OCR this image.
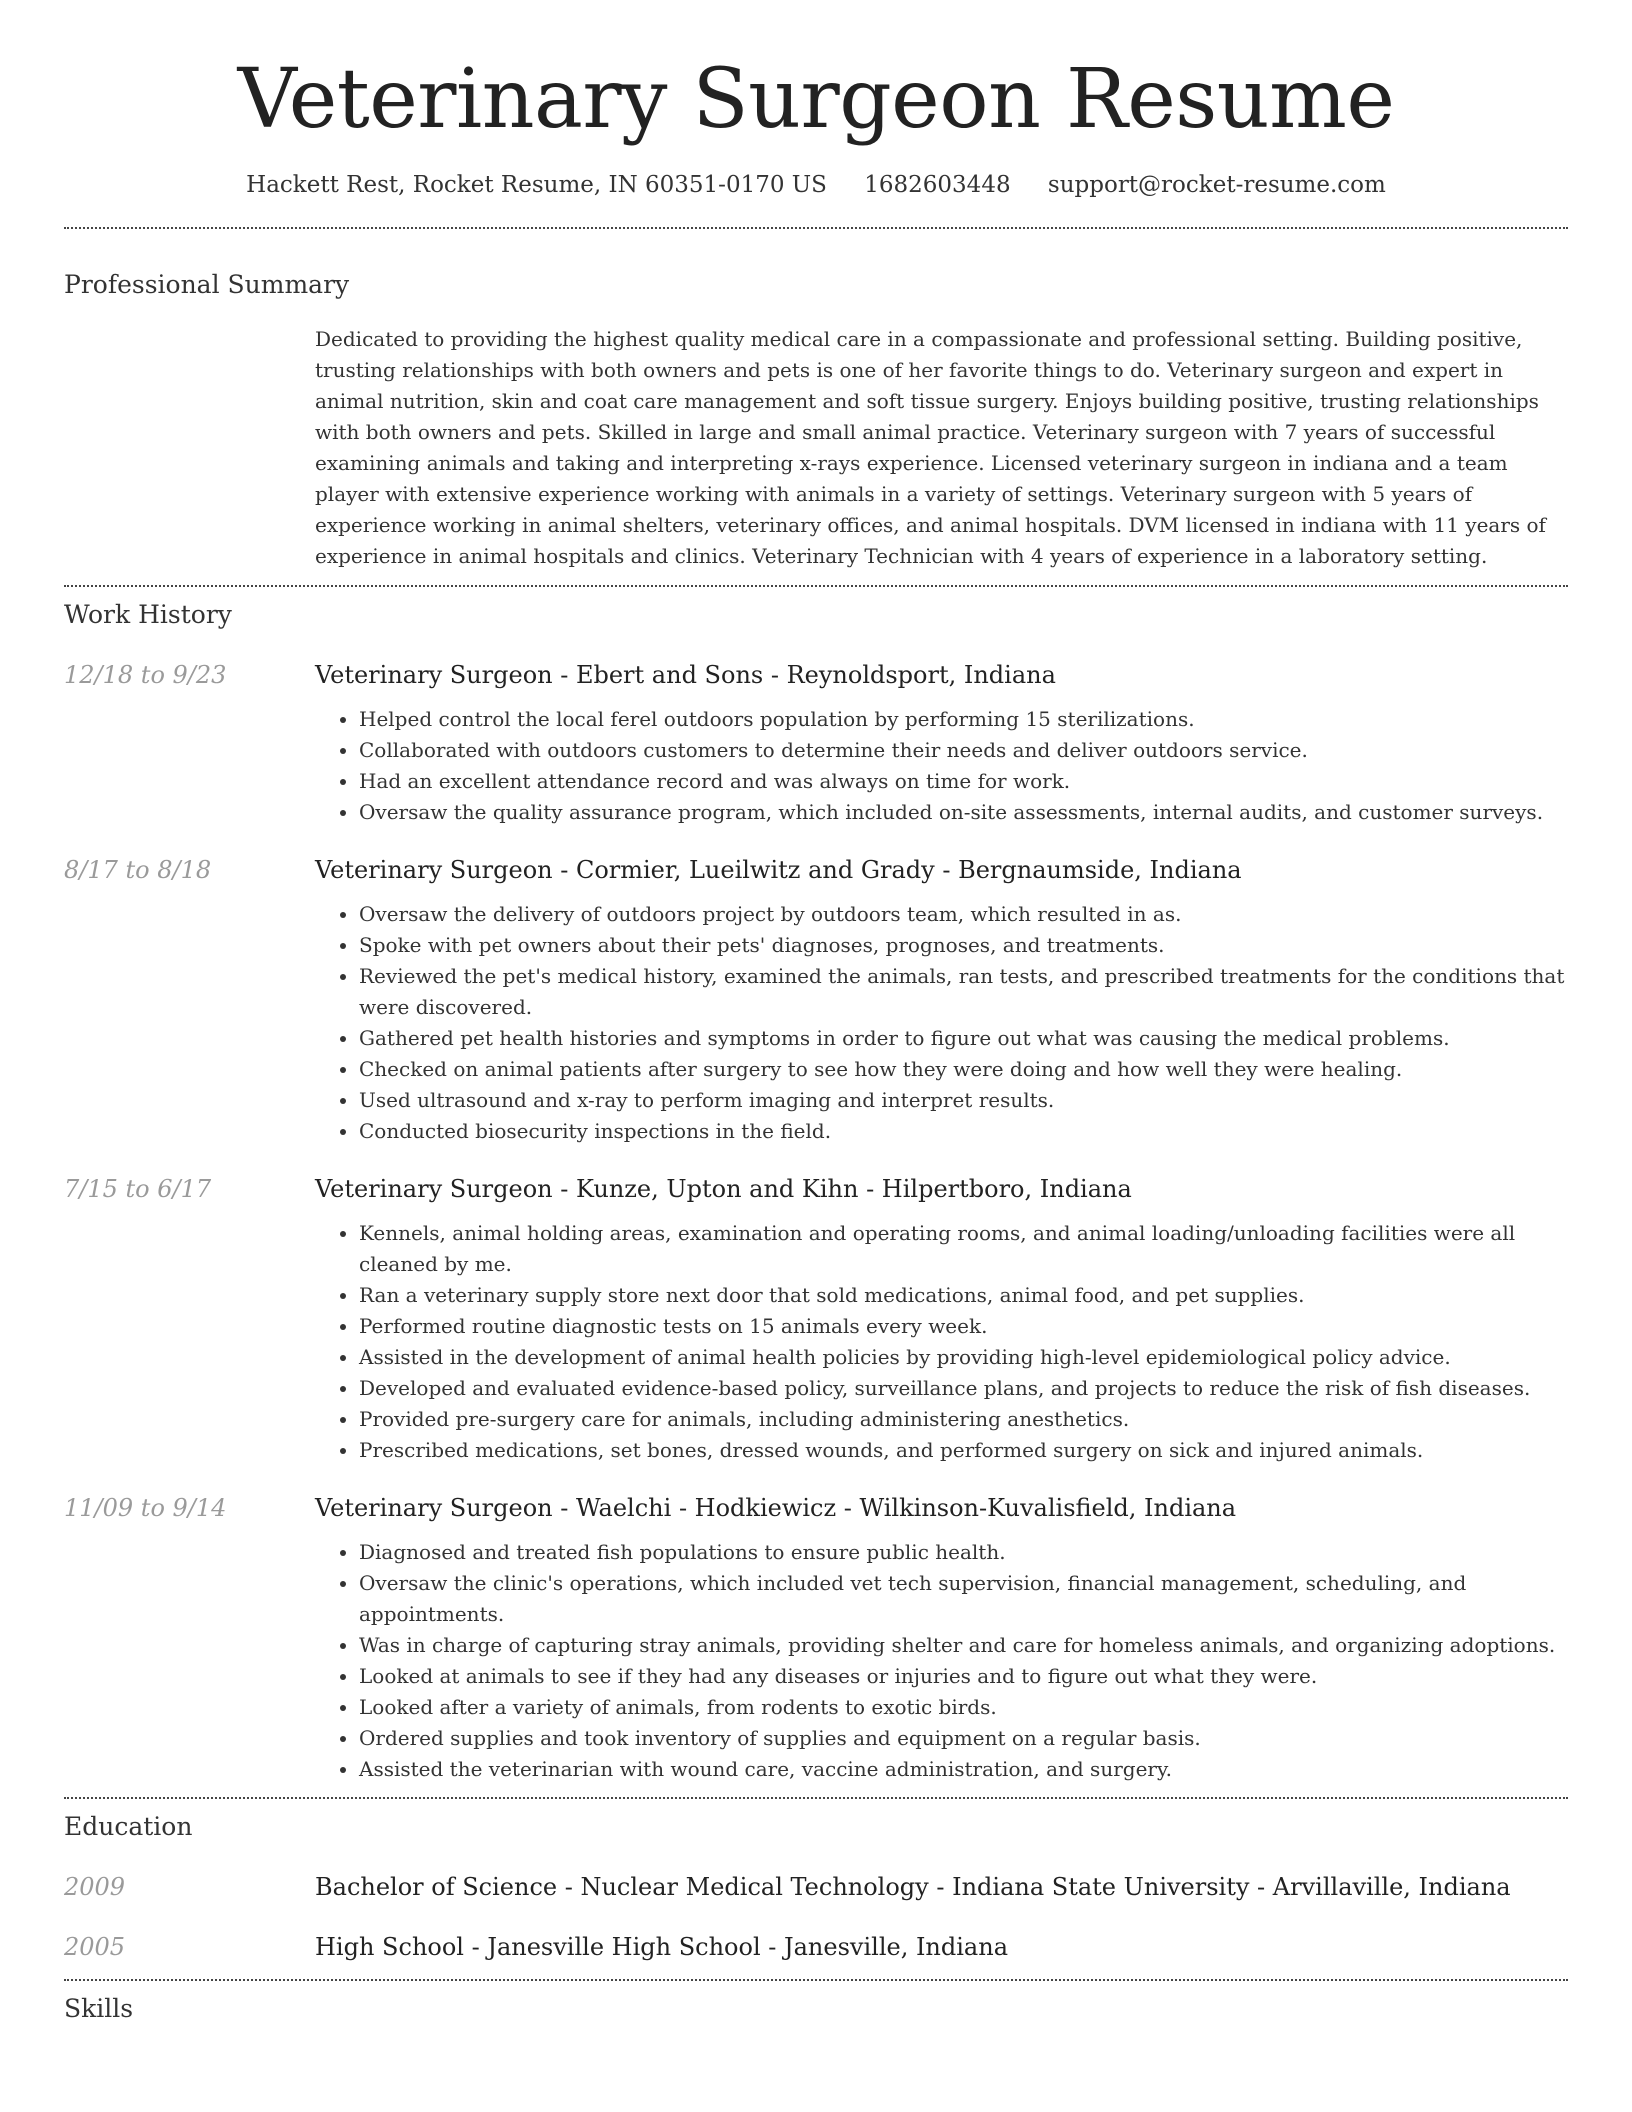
Veterinary Surgeon Resume
Hackett Rest, Rocket Resume, IN 60351-0170 US 1682603448 support@rocket-resume.com
Professional Summary
Dedicated to providing the highest quality medical care in a compassionate and professional setting. Building positive, trusting relationships with both owners and pets is one of her favorite things to do. Veterinary surgeon and expert in animal nutrition, skin and coat care management and soft tissue surgery. Enjoys building positive, trusting relationships with both owners and pets. Skilled in large and small animal practice. Veterinary surgeon with 7 years of successful examining animals and taking and interpreting x-rays experience. Licensed veterinary surgeon in indiana and a team player with extensive experience working with animals in a variety of settings. Veterinary surgeon with 5 years of experience working in animal shelters, veterinary offices, and animal hospitals. DVM licensed in indiana with 11 years of experience in animal hospitals and clinics. Veterinary Technician with 4 years of experience in a laboratory setting.
Work History
12/18 to 9/23	Veterinary Surgeon - Ebert and Sons - Reynoldsport, Indiana
• Helped control the local ferel outdoors population by performing 15 sterilizations.
• Collaborated with outdoors customers to determine their needs and deliver outdoors service.
• Had an excellent attendance record and was always on time for work.
• Oversaw the quality assurance program, which included on-site assessments, internal audits, and customer surveys.
8/17 to 8/18	Veterinary Surgeon - Cormier, Lueilwitz and Grady - Bergnaumside, Indiana
• Oversaw the delivery of outdoors project by outdoors team, which resulted in as.
• Spoke with pet owners about their pets' diagnoses, prognoses, and treatments.
• Reviewed the pet's medical history, examined the animals, ran tests, and prescribed treatments for the conditions that were discovered.
• Gathered pet health histories and symptoms in order to figure out what was causing the medical problems.
• Checked on animal patients after surgery to see how they were doing and how well they were healing.
• Used ultrasound and x-ray to perform imaging and interpret results.
• Conducted biosecurity inspections in the field.
7/15 to 6/17	Veterinary Surgeon - Kunze, Upton and Kihn - Hilpertboro, Indiana
• Kennels, animal holding areas, examination and operating rooms, and animal loading/unloading facilities were all cleaned by me.
• Ran a veterinary supply store next door that sold medications, animal food, and pet supplies.
• Performed routine diagnostic tests on 15 animals every week.
• Assisted in the development of animal health policies by providing high-level epidemiological policy advice.
• Developed and evaluated evidence-based policy, surveillance plans, and projects to reduce the risk of fish diseases.
• Provided pre-surgery care for animals, including administering anesthetics.
• Prescribed medications, set bones, dressed wounds, and performed surgery on sick and injured animals.
11/09 to 9/14	Veterinary Surgeon - Waelchi - Hodkiewicz - Wilkinson-Kuvalisfield, Indiana
• Diagnosed and treated fish populations to ensure public health.
• Oversaw the clinic's operations, which included vet tech supervision, financial management, scheduling, and appointments.
• Was in charge of capturing stray animals, providing shelter and care for homeless animals, and organizing adoptions.
• Looked at animals to see if they had any diseases or injuries and to figure out what they were.
• Looked after a variety of animals, from rodents to exotic birds.
• Ordered supplies and took inventory of supplies and equipment on a regular basis.
• Assisted the veterinarian with wound care, vaccine administration, and surgery.
Education
2009	Bachelor of Science - Nuclear Medical Technology - Indiana State University - Arvillaville, Indiana
2005	High School - Janesville High School - Janesville, Indiana
Skills
